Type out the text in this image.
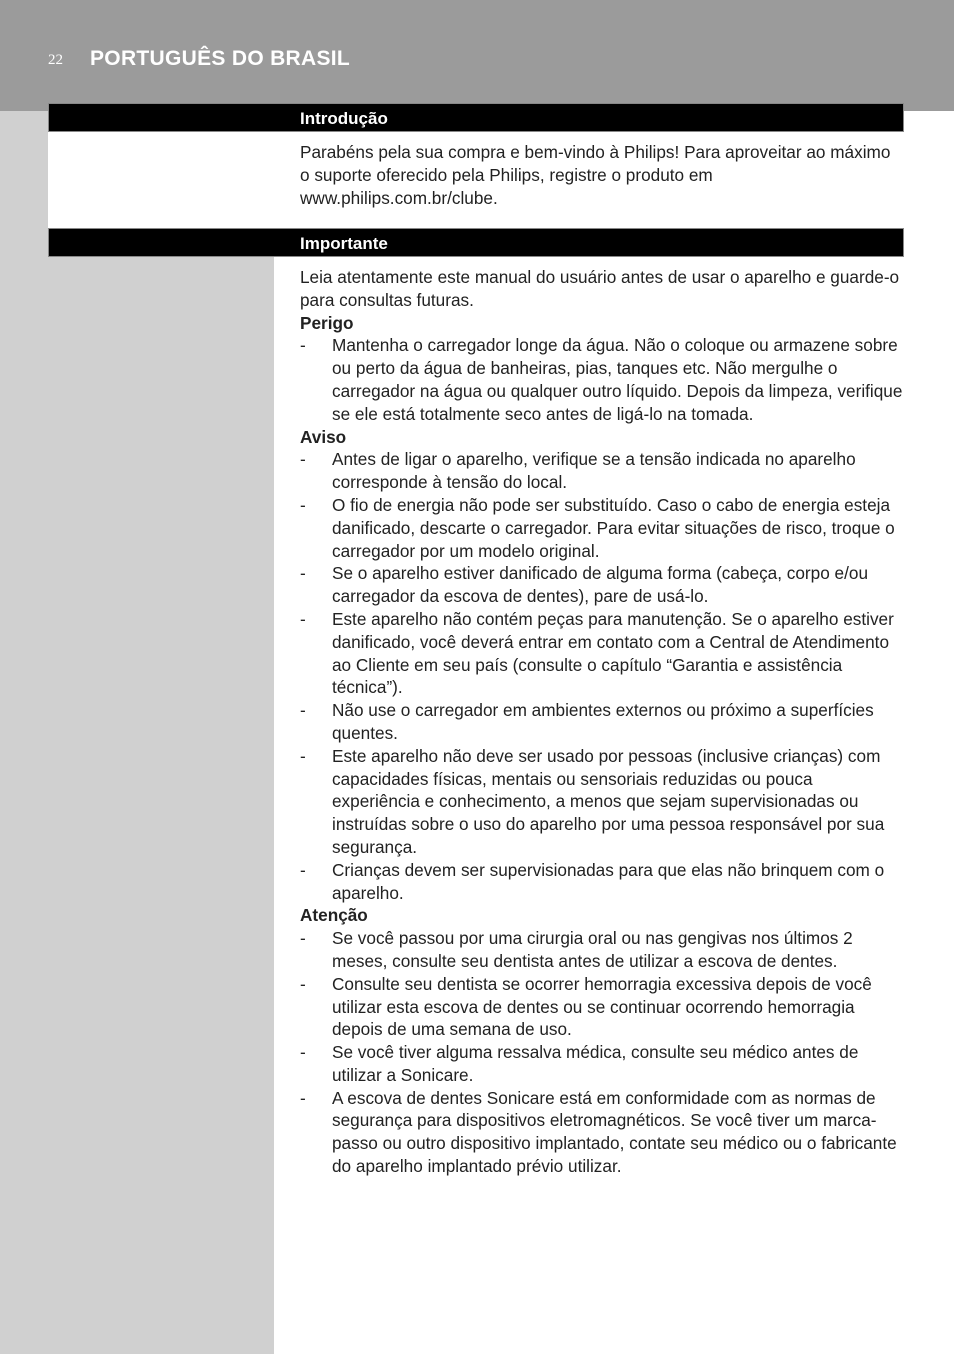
22 PORTUGUÊS DO BRASIL
Introdução

Parabéns pela sua compra e bem-vindo à Philips! Para aproveitar ao máximo o suporte oferecido pela Philips, registre o produto em www.philips.com.br/clube.

Importante

Leia atentamente este manual do usuário antes de usar o aparelho e guarde-o para consultas futuras.

Perigo

- Mantenha o carregador longe da água. Não o coloque ou armazene sobre ou perto da água de banheiras, pias, tanques etc. Não mergulhe o carregador na água ou qualquer outro líquido. Depois da limpeza, verifique se ele está totalmente seco antes de ligá-lo na tomada.

Aviso

- Antes de ligar o aparelho, verifique se a tensão indicada no aparelho corresponde à tensão do local.
- O fio de energia não pode ser substituído. Caso o cabo de energia esteja danificado, descarte o carregador. Para evitar situações de risco, troque o carregador por um modelo original.
- Se o aparelho estiver danificado de alguma forma (cabeça, corpo e/ou carregador da escova de dentes), pare de usá-lo.
- Este aparelho não contém peças para manutenção. Se o aparelho estiver danificado, você deverá entrar em contato com a Central de Atendimento ao Cliente em seu país (consulte o capítulo “Garantia e assistência técnica”).
- Não use o carregador em ambientes externos ou próximo a superfícies quentes.
- Este aparelho não deve ser usado por pessoas (inclusive crianças) com capacidades físicas, mentais ou sensoriais reduzidas ou pouca experiência e conhecimento, a menos que sejam supervisionadas ou instruídas sobre o uso do aparelho por uma pessoa responsável por sua segurança.
- Crianças devem ser supervisionadas para que elas não brinquem com o aparelho.

Atenção

- Se você passou por uma cirurgia oral ou nas gengivas nos últimos 2 meses, consulte seu dentista antes de utilizar a escova de dentes.
- Consulte seu dentista se ocorrer hemorragia excessiva depois de você utilizar esta escova de dentes ou se continuar ocorrendo hemorragia depois de uma semana de uso.
- Se você tiver alguma ressalva médica, consulte seu médico antes de utilizar a Sonicare.
- A escova de dentes Sonicare está em conformidade com as normas de segurança para dispositivos eletromagnéticos. Se você tiver um marca-passo ou outro dispositivo implantado, contate seu médico ou o fabricante do aparelho implantado prévio utilizar.
